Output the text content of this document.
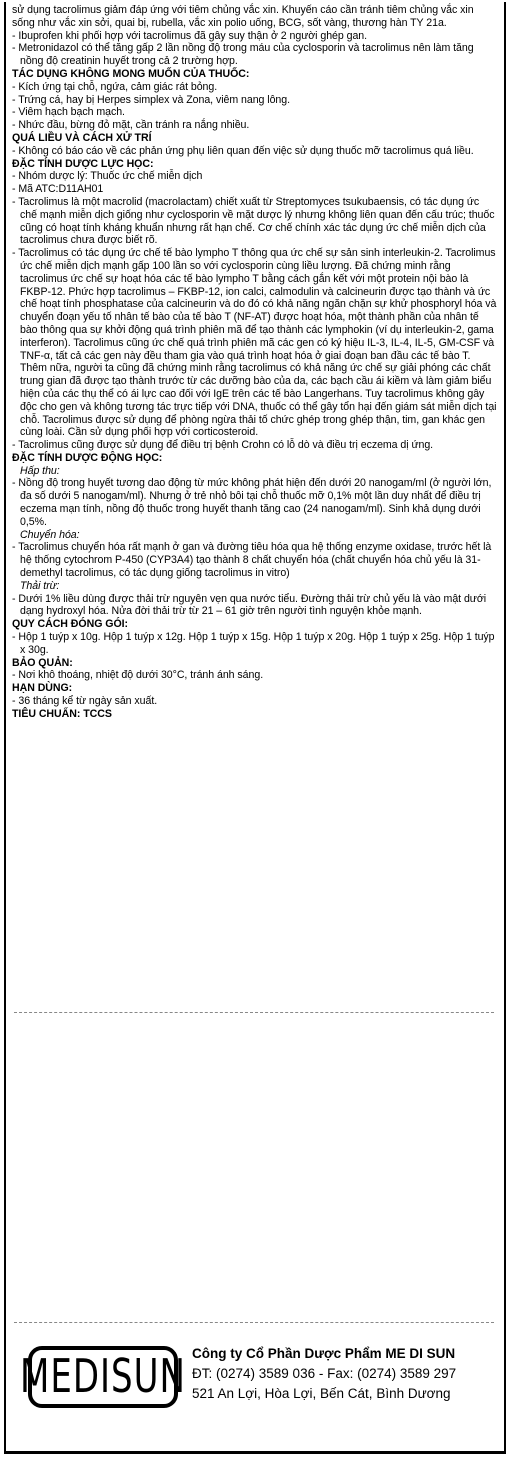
sử dụng tacrolimus giảm đáp ứng với tiêm chủng vắc xin. Khuyến cáo cần tránh tiêm chủng vắc xin sống như vắc xin sởi, quai bị, rubella, vắc xin polio uống, BCG, sốt vàng, thương hàn TY 21a.

- Ibuprofen khi phối hợp với tacrolimus đã gây suy thận ở 2 người ghép gan.

- Metronidazol có thể tăng gấp 2 lần nồng độ trong máu của cyclosporin và tacrolimus nên làm tăng nồng độ creatinin huyết trong cả 2 trường hợp.

TÁC DỤNG KHÔNG MONG MUỐN CỦA THUỐC:

- Kích ứng tại chỗ, ngứa, cảm giác rát bỏng.

- Trứng cá, hay bị Herpes simplex và Zona, viêm nang lông.

- Viêm hạch bạch mạch.

- Nhức đầu, bừng đỏ mặt, cần tránh ra nắng nhiều.

QUÁ LIỀU VÀ CÁCH XỬ TRÍ

- Không có báo cáo về các phản ứng phụ liên quan đến việc sử dụng thuốc mỡ tacrolimus quá liều.

ĐẶC TÍNH DƯỢC LỰC HỌC:

- Nhóm dược lý: Thuốc ức chế miễn dịch

- Mã ATC:D11AH01

- Tacrolimus là một macrolid (macrolactam) chiết xuất từ Streptomyces tsukubaensis, có tác dụng ức chế mạnh miễn dịch giống như cyclosporin về mặt dược lý nhưng không liên quan đến cấu trúc; thuốc cũng có hoạt tính kháng khuẩn nhưng rất hạn chế. Cơ chế chính xác tác dụng ức chế miễn dịch của tacrolimus chưa được biết rõ.

- Tacrolimus có tác dụng ức chế tế bào lympho T thông qua ức chế sự sản sinh interleukin-2. Tacrolimus ức chế miễn dịch mạnh gấp 100 lần so với cyclosporin cùng liều lượng. Đã chứng minh rằng tacrolimus ức chế sự hoạt hóa các tế bào lympho T bằng cách gắn kết với một protein nội bào là FKBP-12. Phức hợp tacrolimus – FKBP-12, ion calci, calmodulin và calcineurin được tạo thành và ức chế hoạt tính phosphatase của calcineurin và do đó có khả năng ngăn chặn sự khử phosphoryl hóa và chuyển đoạn yếu tố nhân tế bào của tế bào T (NF-AT) được hoạt hóa, một thành phần của nhân tế bào thông qua sự khởi động quá trình phiên mã để tạo thành các lymphokin (ví dụ interleukin-2, gama interferon). Tacrolimus cũng ức chế quá trình phiên mã các gen có ký hiệu IL-3, IL-4, IL-5, GM-CSF và TNF-α, tất cả các gen này đều tham gia vào quá trình hoạt hóa ở giai đoạn ban đầu các tế bào T. Thêm nữa, người ta cũng đã chứng minh rằng tacrolimus có khả năng ức chế sự giải phóng các chất trung gian đã được tạo thành trước từ các dưỡng bào của da, các bạch cầu ái kiềm và làm giảm biểu hiện của các thụ thể có ái lực cao đối với IgE trên các tế bào Langerhans. Tuy tacrolimus không gây độc cho gen và không tương tác trực tiếp với DNA, thuốc có thể gây tổn hại đến giám sát miễn dịch tại chỗ. Tacrolimus được sử dụng để phòng ngừa thải tố chức ghép trong ghép thận, tim, gan khác gen cùng loài. Cần sử dụng phối hợp với corticosteroid.

- Tacrolimus cũng được sử dụng để điều trị bệnh Crohn có lỗ dò và điều trị eczema dị ứng.

ĐẶC TÍNH DƯỢC ĐỘNG HỌC:

Hấp thu:

- Nồng độ trong huyết tương dao động từ mức không phát hiện đến dưới 20 nanogam/ml (ở người lớn, đa số dưới 5 nanogam/ml). Nhưng ở trẻ nhỏ bôi tại chỗ thuốc mỡ 0,1% một lần duy nhất để điều trị eczema mạn tính, nồng độ thuốc trong huyết thanh tăng cao (24 nanogam/ml). Sinh khả dụng dưới 0,5%.

Chuyển hóa:

- Tacrolimus chuyển hóa rất mạnh ở gan và đường tiêu hóa qua hệ thống enzyme oxidase, trước hết là hệ thống cytochrom P-450 (CYP3A4) tạo thành 8 chất chuyển hóa (chất chuyển hóa chủ yếu là 31-demethyl tacrolimus, có tác dụng giống tacrolimus in vitro)

Thải trừ:

- Dưới 1% liều dùng được thải trừ nguyên vẹn qua nước tiểu. Đường thải trừ chủ yếu là vào mật dưới dạng hydroxyl hóa. Nửa đời thải trừ từ 21 – 61 giờ trên người tình nguyện khỏe mạnh.

QUY CÁCH ĐÓNG GÓI:

- Hộp 1 tuýp x 10g. Hộp 1 tuýp x 12g. Hộp 1 tuýp x 15g. Hộp 1 tuýp x 20g. Hộp 1 tuýp x 25g. Hộp 1 tuýp x 30g.

BẢO QUẢN:

- Nơi khô thoáng, nhiệt độ dưới 30°C, tránh ánh sáng.

HẠN DÙNG:

- 36 tháng kể từ ngày sản xuất.

TIÊU CHUẨN: TCCS

MEDISUN Công ty Cổ Phần Dược Phẩm ME DI SUN
ĐT: (0274) 3589 036 - Fax: (0274) 3589 297
521 An Lợi, Hòa Lợi, Bến Cát, Bình Dương
